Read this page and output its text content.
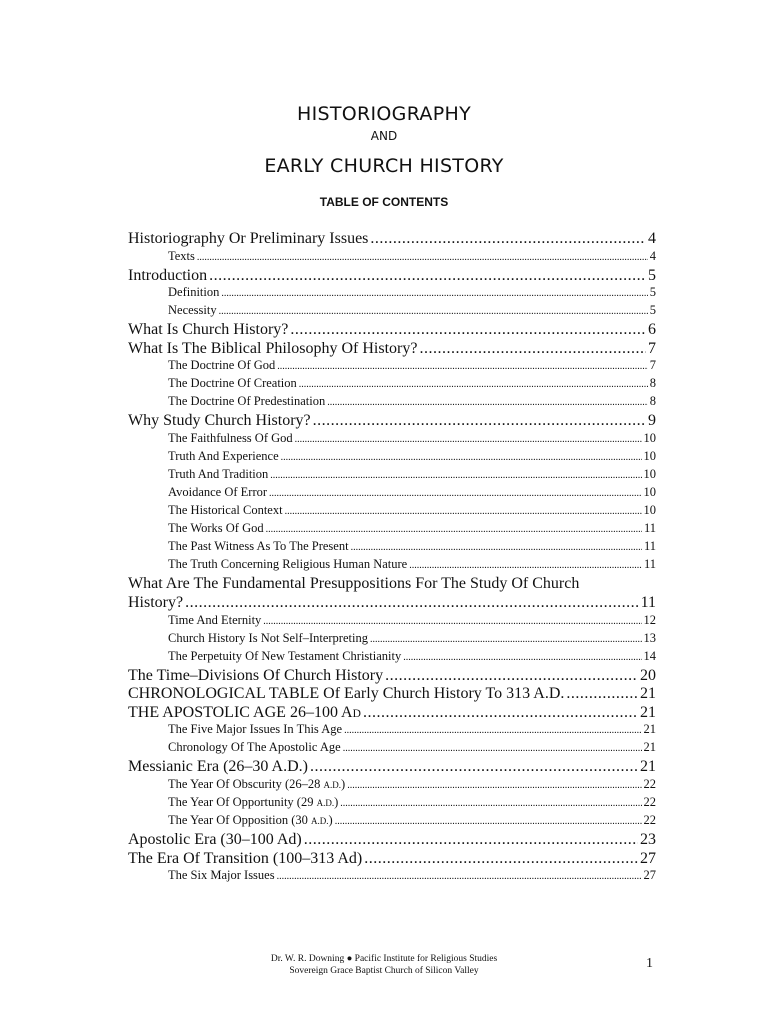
HISTORIOGRAPHY
AND
EARLY CHURCH HISTORY
TABLE OF CONTENTS
Historiography Or Preliminary Issues .....	4
Texts .....	4
Introduction .....	5
Definition .....	5
Necessity .....	5
What Is Church History? .....	6
What Is The Biblical Philosophy Of History? .....	7
The Doctrine Of God .....	7
The Doctrine Of Creation .....	8
The Doctrine Of Predestination .....	8
Why Study Church History? .....	9
The Faithfulness Of God .....	10
Truth And Experience .....	10
Truth And Tradition .....	10
Avoidance Of Error .....	10
The Historical Context .....	10
The Works Of God .....	11
The Past Witness As To The Present .....	11
The Truth Concerning Religious Human Nature .....	11
What Are The Fundamental Presuppositions For The Study Of Church
History? .....	11
Time And Eternity .....	12
Church History Is Not Self–Interpreting .....	13
The Perpetuity Of New Testament Christianity .....	14
The Time–Divisions Of Church History .....	20
CHRONOLOGICAL TABLE Of Early Church History To 313 A.D. .....	21
THE APOSTOLIC AGE 26–100 AD .....	21
The Five Major Issues In This Age .....	21
Chronology Of The Apostolic Age .....	21
Messianic Era (26–30 A.D.) .....	21
The Year Of Obscurity (26–28 A.D.) .....	22
The Year Of Opportunity (29 A.D.) .....	22
The Year Of Opposition (30 A.D.) .....	22
Apostolic Era (30–100 Ad) .....	23
The Era Of Transition (100–313 Ad) .....	27
The Six Major Issues .....	27
Dr. W. R. Downing ● Pacific Institute for Religious Studies
Sovereign Grace Baptist Church of Silicon Valley	1
